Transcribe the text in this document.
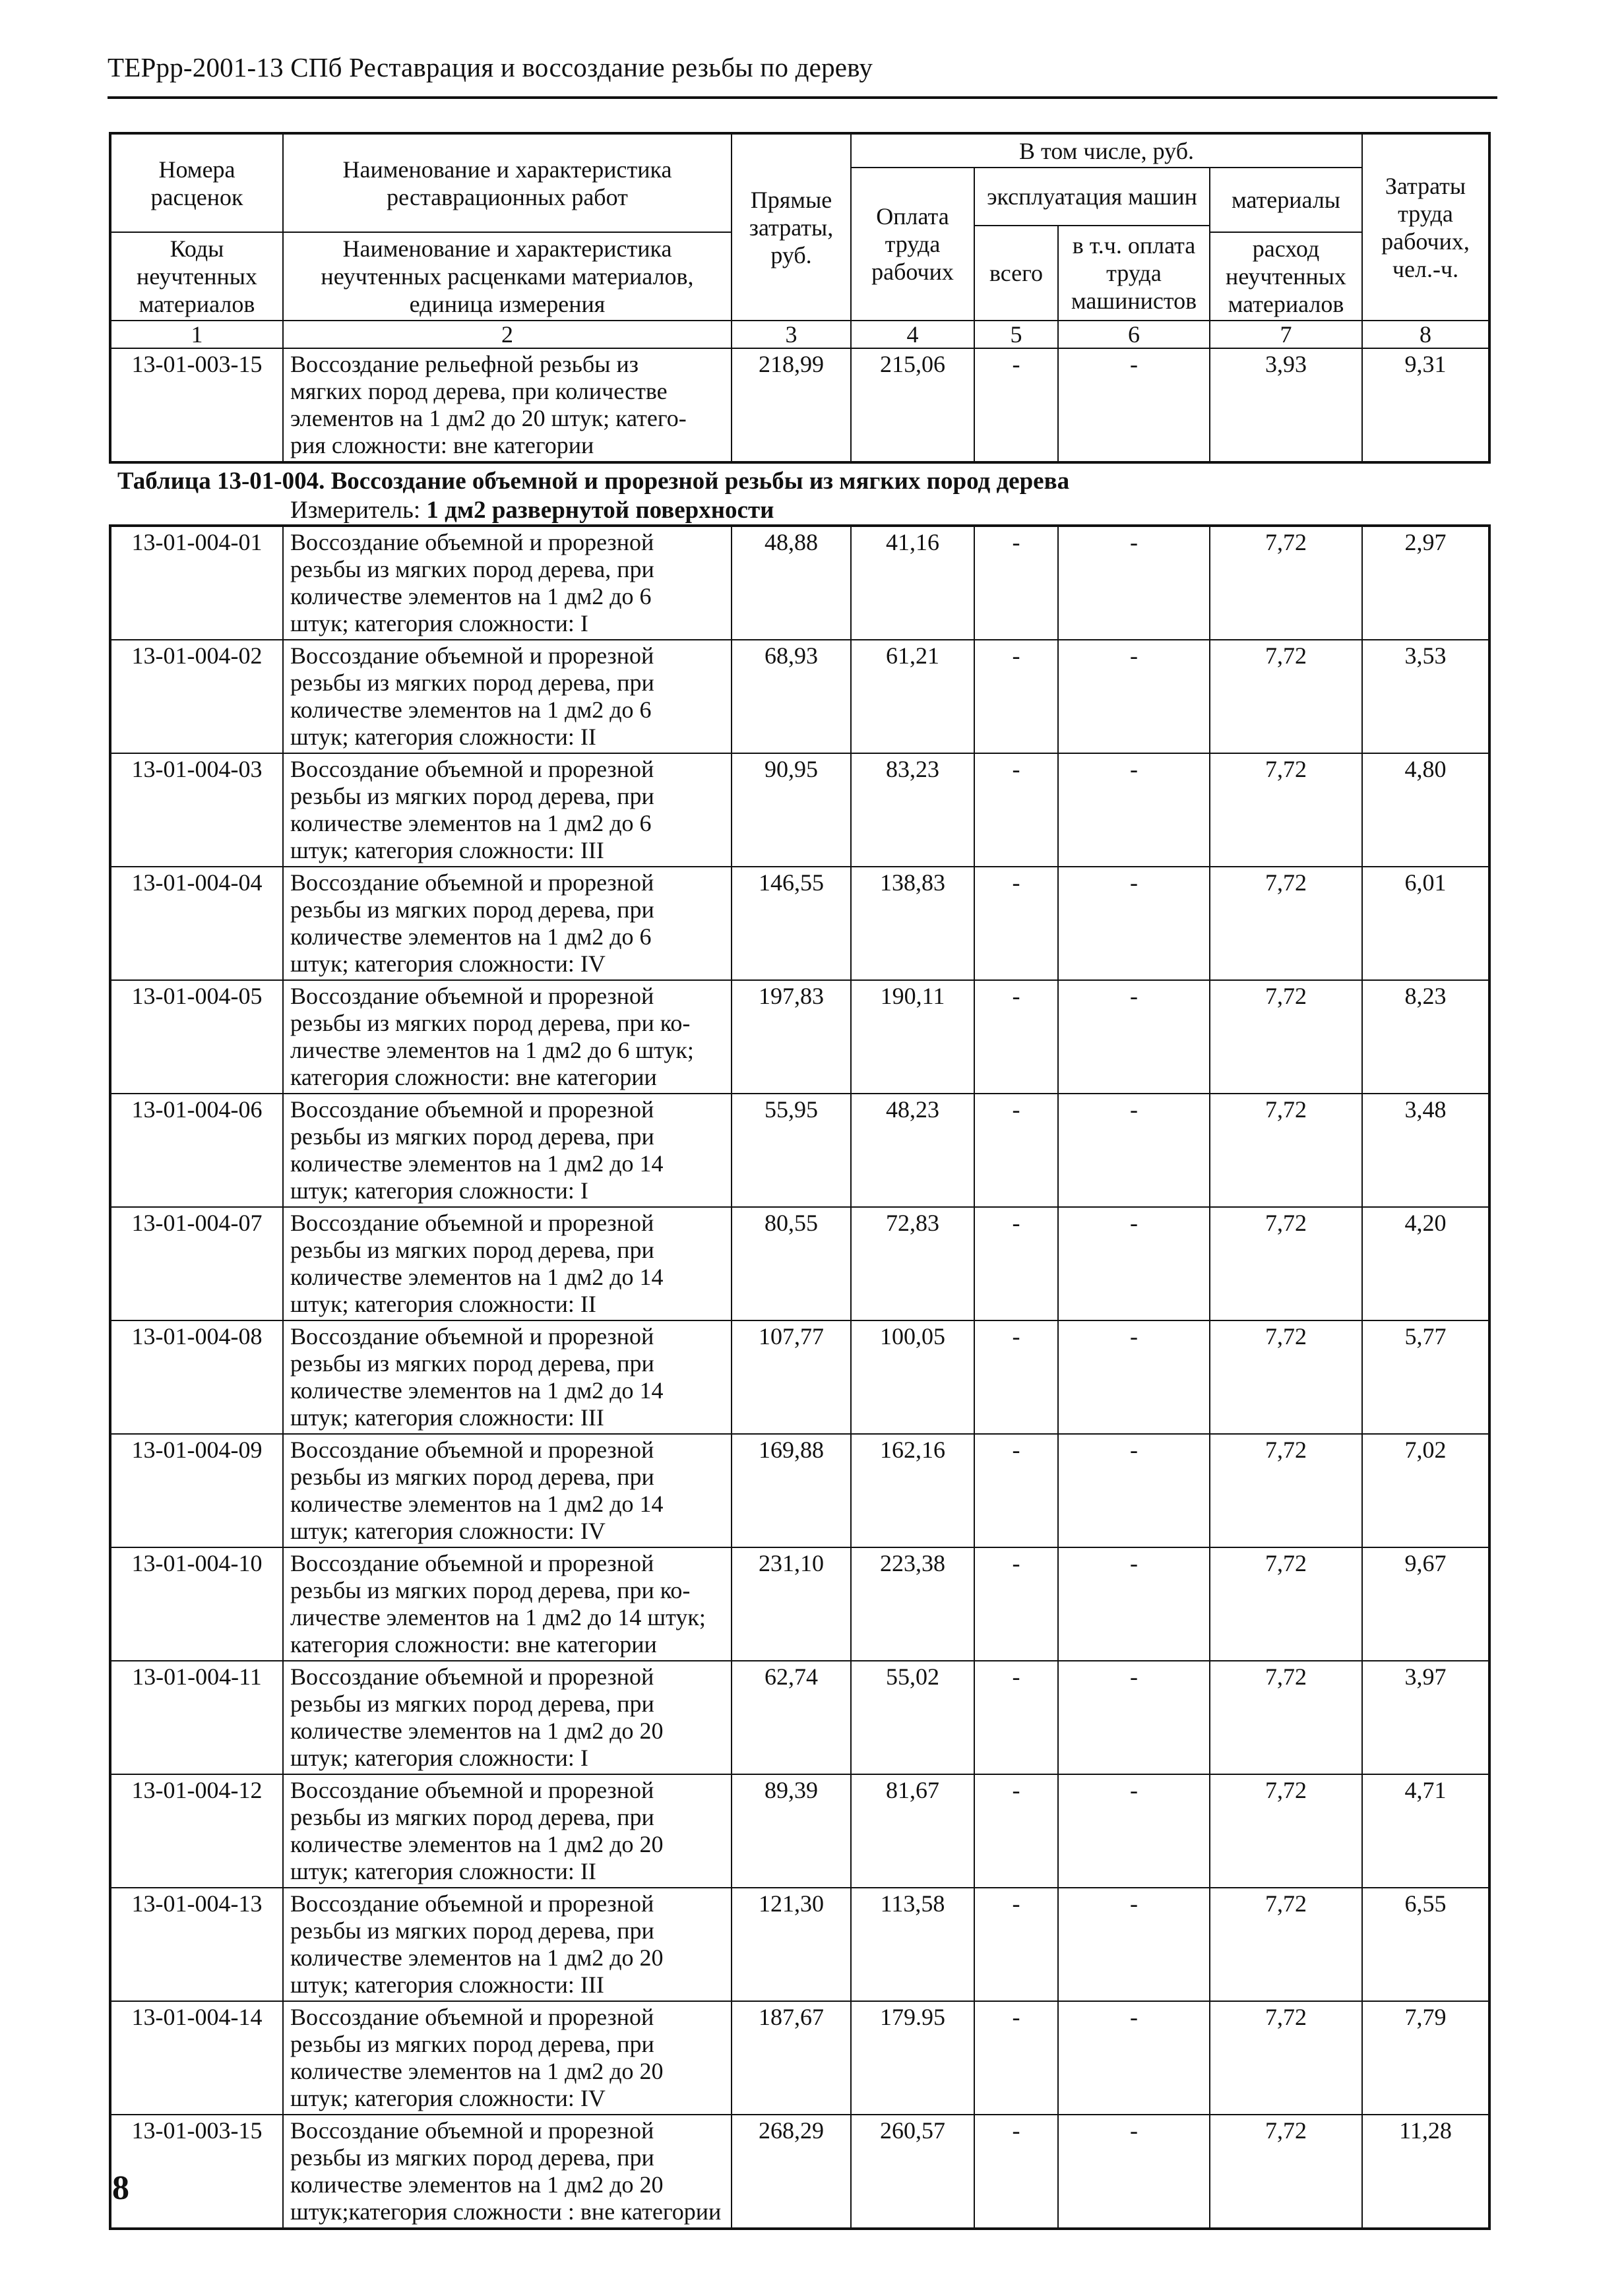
ТЕРрр-2001-13 СПб Реставрация и воссоздание резьбы по дереву
Номера расценок	Наименование и характеристика реставрационных работ	Прямые затраты, руб.	В том числе, руб.				Затраты труда рабочих, чел.-ч.
			Оплата труда рабочих	эксплуатация машин		материалы	
				всего	в т.ч. оплата труда машинистов		
Коды неучтенных материалов	Наименование и характеристика неучтенных расценками материалов, единица измерения					расход неучтенных материалов	

1	2	3	4	5	6	7	8
13-01-003-15	Воссоздание рельефной резьбы из
мягких пород дерева, при количестве
элементов на 1 дм2 до 20 штук; катего-
рия сложности: вне категории	218,99	215,06	-	-	3,93	9,31
Таблица 13-01-004. Воссоздание объемной и прорезной резьбы из мягких пород дерева
Измеритель: 1 дм2 развернутой поверхности
13-01-004-01	Воссоздание объемной и прорезной
резьбы из мягких пород дерева, при
количестве элементов на 1 дм2 до 6
штук; категория сложности: I	48,88	41,16	-	-	7,72	2,97
13-01-004-02	Воссоздание объемной и прорезной
резьбы из мягких пород дерева, при
количестве элементов на 1 дм2 до 6
штук; категория сложности: II	68,93	61,21	-	-	7,72	3,53
13-01-004-03	Воссоздание объемной и прорезной
резьбы из мягких пород дерева, при
количестве элементов на 1 дм2 до 6
штук; категория сложности: III	90,95	83,23	-	-	7,72	4,80
13-01-004-04	Воссоздание объемной и прорезной
резьбы из мягких пород дерева, при
количестве элементов на 1 дм2 до 6
штук; категория сложности: IV	146,55	138,83	-	-	7,72	6,01
13-01-004-05	Воссоздание объемной и прорезной
резьбы из мягких пород дерева, при ко-
личестве элементов на 1 дм2 до 6 штук;
категория сложности: вне категории	197,83	190,11	-	-	7,72	8,23
13-01-004-06	Воссоздание объемной и прорезной
резьбы из мягких пород дерева, при
количестве элементов на 1 дм2 до 14
штук; категория сложности: I	55,95	48,23	-	-	7,72	3,48
13-01-004-07	Воссоздание объемной и прорезной
резьбы из мягких пород дерева, при
количестве элементов на 1 дм2 до 14
штук; категория сложности: II	80,55	72,83	-	-	7,72	4,20
13-01-004-08	Воссоздание объемной и прорезной
резьбы из мягких пород дерева, при
количестве элементов на 1 дм2 до 14
штук; категория сложности: III	107,77	100,05	-	-	7,72	5,77
13-01-004-09	Воссоздание объемной и прорезной
резьбы из мягких пород дерева, при
количестве элементов на 1 дм2 до 14
штук; категория сложности: IV	169,88	162,16	-	-	7,72	7,02
13-01-004-10	Воссоздание объемной и прорезной
резьбы из мягких пород дерева, при ко-
личестве элементов на 1 дм2 до 14 штук;
категория сложности: вне категории	231,10	223,38	-	-	7,72	9,67
13-01-004-11	Воссоздание объемной и прорезной
резьбы из мягких пород дерева, при
количестве элементов на 1 дм2 до 20
штук; категория сложности: I	62,74	55,02	-	-	7,72	3,97
13-01-004-12	Воссоздание объемной и прорезной
резьбы из мягких пород дерева, при
количестве элементов на 1 дм2 до 20
штук; категория сложности: II	89,39	81,67	-	-	7,72	4,71
13-01-004-13	Воссоздание объемной и прорезной
резьбы из мягких пород дерева, при
количестве элементов на 1 дм2 до 20
штук; категория сложности: III	121,30	113,58	-	-	7,72	6,55
13-01-004-14	Воссоздание объемной и прорезной
резьбы из мягких пород дерева, при
количестве элементов на 1 дм2 до 20
штук; категория сложности: IV	187,67	179.95	-	-	7,72	7,79
13-01-003-15	Воссоздание объемной и прорезной
резьбы из мягких пород дерева, при
количестве элементов на 1 дм2 до 20
штук;категория сложности : вне категории	268,29	260,57	-	-	7,72	11,28
8
